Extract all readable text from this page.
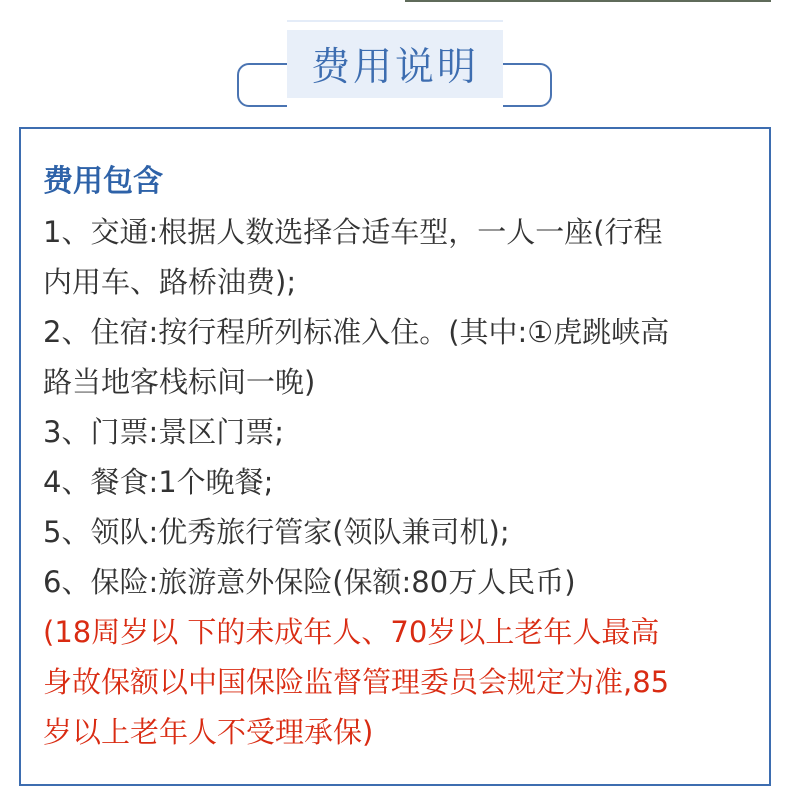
费用说明
费用包含
1、交通:根据人数选择合适车型，一人一座(行程
内用车、路桥油费);
2、住宿:按行程所列标准入住。(其中:①虎跳峡高
路当地客栈标间一晚)
3、门票:景区门票;
4、餐食:1个晚餐;
5、领队:优秀旅行管家(领队兼司机);
6、保险:旅游意外保险(保额:80万人民币)
(18周岁以 下的未成年人、70岁以上老年人最高
身故保额以中国保险监督管理委员会规定为准,85
岁以上老年人不受理承保)
